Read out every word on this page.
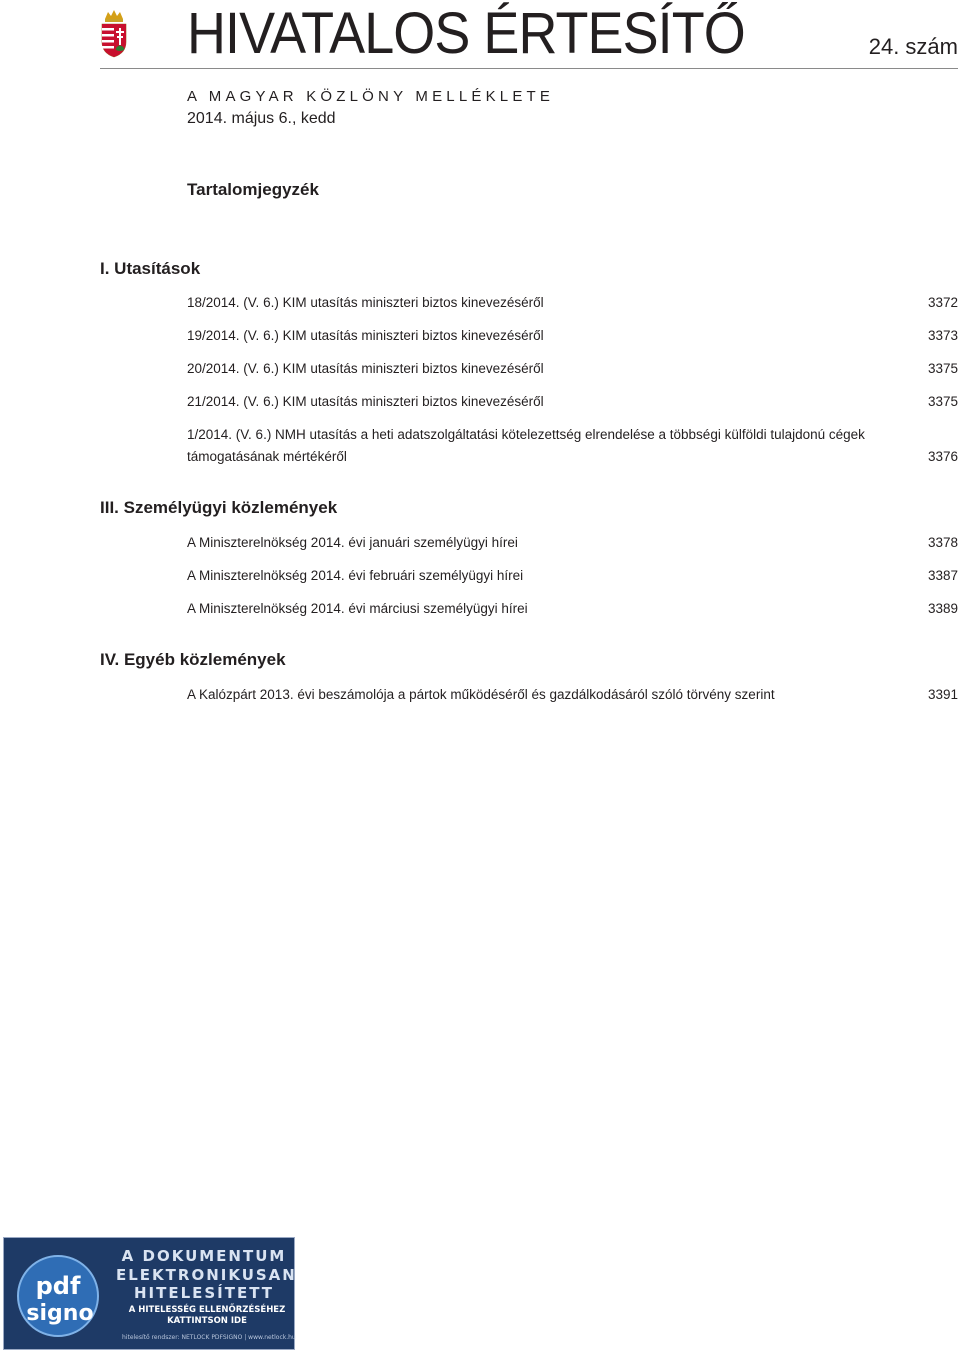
HIVATALOS ÉRTESÍTŐ	24. szám
A MAGYAR KÖZLÖNY MELLÉKLETE
2014. május 6., kedd
Tartalomjegyzék
I. Utasítások
18/2014. (V. 6.) KIM utasítás miniszteri biztos kinevezéséről	3372
19/2014. (V. 6.) KIM utasítás miniszteri biztos kinevezéséről	3373
20/2014. (V. 6.) KIM utasítás miniszteri biztos kinevezéséről	3375
21/2014. (V. 6.) KIM utasítás miniszteri biztos kinevezéséről	3375
1/2014. (V. 6.) NMH utasítás a heti adatszolgáltatási kötelezettség elrendelése a többségi külföldi tulajdonú cégek támogatásának mértékéről	3376
III. Személyügyi közlemények
A Miniszterelnökség 2014. évi januári személyügyi hírei	3378
A Miniszterelnökség 2014. évi februári személyügyi hírei	3387
A Miniszterelnökség 2014. évi márciusi személyügyi hírei	3389
IV. Egyéb közlemények
A Kalózpárt 2013. évi beszámolója a pártok működéséről és gazdálkodásáról szóló törvény szerint	3391
pdf
signo
A DOKUMENTUM
ELEKTRONIKUSAN
HITELESÍTETT
A HITELESSÉG ELLENŐRZÉSÉHEZ
KATTINTSON IDE
hitelesítő rendszer: NETLOCK PDFSIGNO | www.netlock.hu
